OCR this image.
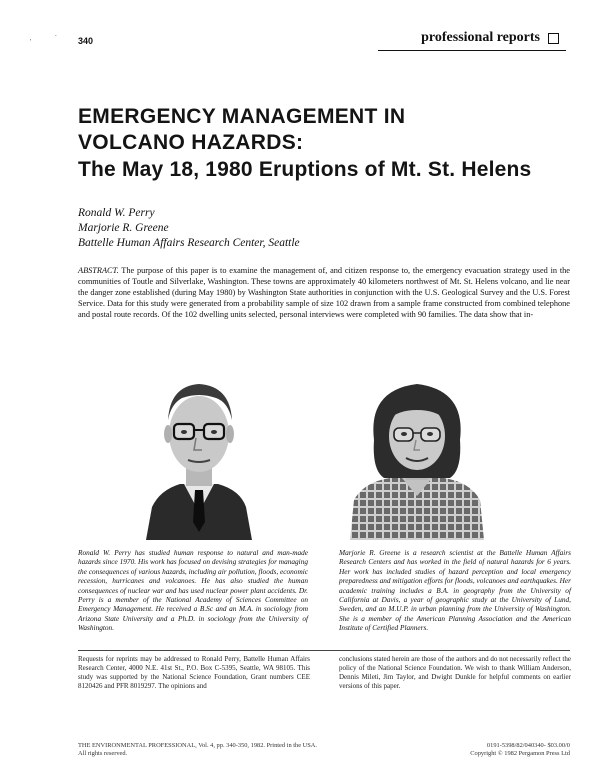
'
.
340	professional reports
EMERGENCY MANAGEMENT IN
VOLCANO HAZARDS:
The May 18, 1980 Eruptions of Mt. St. Helens
Ronald W. Perry
Marjorie R. Greene
Battelle Human Affairs Research Center, Seattle
ABSTRACT. The purpose of this paper is to examine the management of, and citizen response to, the emergency evacuation strategy used in the communities of Toutle and Silverlake, Washington. These towns are approximately 40 kilometers northwest of Mt. St. Helens volcano, and lie near the danger zone established (during May 1980) by Washington State authorities in conjunction with the U.S. Geological Survey and the U.S. Forest Service. Data for this study were generated from a probability sample of size 102 drawn from a sample frame constructed from combined telephone and postal route records. Of the 102 dwelling units selected, personal interviews were completed with 90 families. The data show that in-
Ronald W. Perry has studied human response to natural and man-made hazards since 1970. His work has focused on devising strategies for managing the consequences of various hazards, including air pollution, floods, economic recession, hurricanes and volcanoes. He has also studied the human consequences of nuclear war and has used nuclear power plant accidents. Dr. Perry is a member of the National Academy of Sciences Committee on Emergency Management. He received a B.Sc and an M.A. in sociology from Arizona State University and a Ph.D. in sociology from the University of Washington.
Marjorie R. Greene is a research scientist at the Battelle Human Affairs Research Centers and has worked in the field of natural hazards for 6 years. Her work has included studies of hazard perception and local emergency preparedness and mitigation efforts for floods, volcanoes and earthquakes. Her academic training includes a B.A. in geography from the University of California at Davis, a year of geographic study at the University of Lund, Sweden, and an M.U.P. in urban planning from the University of Washington. She is a member of the American Planning Association and the American Institute of Certified Planners.
Requests for reprints may be addressed to Ronald Perry, Battelle Human Affairs Research Center, 4000 N.E. 41st St., P.O. Box C-5395, Seattle, WA 98105. This study was supported by the National Science Foundation, Grant numbers CEE 8120426 and PFR 8019297. The opinions and
conclusions stated herein are those of the authors and do not necessarily reflect the policy of the National Science Foundation. We wish to thank William Anderson, Dennis Mileti, Jim Taylor, and Dwight Dunkle for helpful comments on earlier versions of this paper.
THE ENVIRONMENTAL PROFESSIONAL, Vol. 4, pp. 340-350, 1982. Printed in the USA. All rights reserved.
0191-5398/82/040340- $03.00/0
Copyright © 1982 Pergamon Press Ltd
